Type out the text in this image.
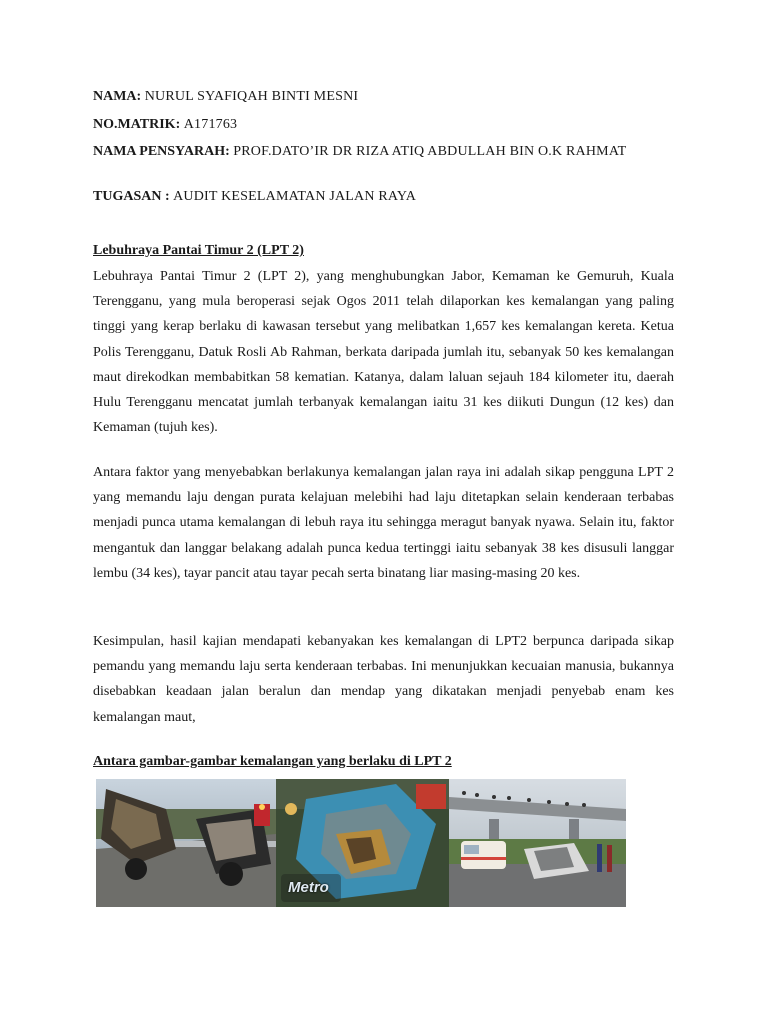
NAMA: NURUL SYAFIQAH BINTI MESNI
NO.MATRIK: A171763
NAMA PENSYARAH: PROF.DATO’IR DR RIZA ATIQ ABDULLAH BIN O.K RAHMAT
TUGASAN : AUDIT KESELAMATAN JALAN RAYA
Lebuhraya Pantai Timur 2 (LPT 2)

Lebuhraya Pantai Timur 2 (LPT 2), yang menghubungkan Jabor, Kemaman ke Gemuruh, Kuala Terengganu, yang mula beroperasi sejak Ogos 2011 telah dilaporkan kes kemalangan yang paling tinggi yang kerap berlaku di kawasan tersebut yang melibatkan 1,657 kes kemalangan kereta. Ketua Polis Terengganu, Datuk Rosli Ab Rahman, berkata daripada jumlah itu, sebanyak 50 kes kemalangan maut direkodkan membabitkan 58 kematian. Katanya, dalam laluan sejauh 184 kilometer itu, daerah Hulu Terengganu mencatat jumlah terbanyak kemalangan iaitu 31 kes diikuti Dungun (12 kes) dan Kemaman (tujuh kes).

Antara faktor yang menyebabkan berlakunya kemalangan jalan raya ini adalah sikap pengguna LPT 2 yang memandu laju dengan purata kelajuan melebihi had laju ditetapkan selain kenderaan terbabas menjadi punca utama kemalangan di lebuh raya itu sehingga meragut banyak nyawa. Selain itu, faktor mengantuk dan langgar belakang adalah punca kedua tertinggi iaitu sebanyak 38 kes disusuli langgar lembu (34 kes), tayar pancit atau tayar pecah serta binatang liar masing-masing 20 kes.

Kesimpulan, hasil kajian mendapati kebanyakan kes kemalangan di LPT2 berpunca daripada sikap pemandu yang memandu laju serta kenderaan terbabas. Ini menunjukkan kecuaian manusia, bukannya disebabkan keadaan jalan beralun dan mendap yang dikatakan menjadi penyebab enam kes kemalangan maut,

Antara gambar-gambar kemalangan yang berlaku di LPT 2
Metro
